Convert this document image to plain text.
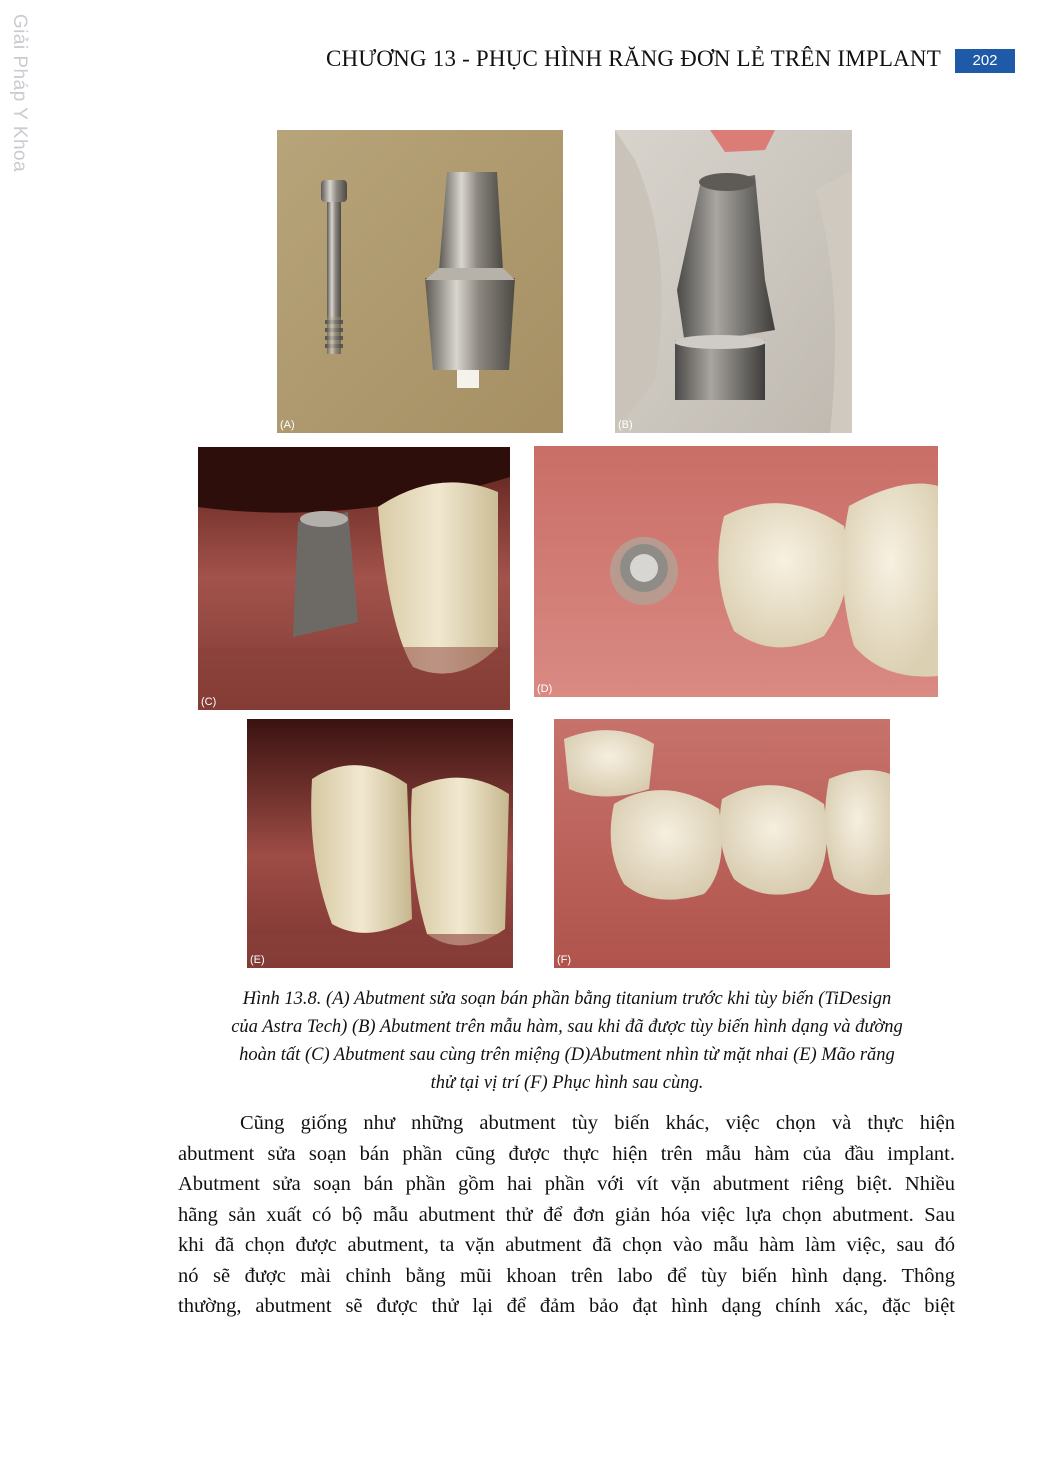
Giải Pháp Y Khoa	CHƯƠNG 13 - PHỤC HÌNH RĂNG ĐƠN LẺ TRÊN IMPLANT	202
(A)	(B)
(C)
(D)
(E)	(F)
Hình 13.8. (A) Abutment sửa soạn bán phần bằng titanium trước khi tùy biến (TiDesign
của Astra Tech) (B) Abutment trên mẫu hàm, sau khi đã được tùy biến hình dạng và đường
hoàn tất (C) Abutment sau cùng trên miệng (D)Abutment nhìn từ mặt nhai (E) Mão răng
thử tại vị trí (F) Phục hình sau cùng.
Cũng giống như những abutment tùy biến khác, việc chọn và thực hiện
abutment sửa soạn bán phần cũng được thực hiện trên mẫu hàm của đầu implant.
Abutment sửa soạn bán phần gồm hai phần với vít vặn abutment riêng biệt. Nhiều
hãng sản xuất có bộ mẫu abutment thử để đơn giản hóa việc lựa chọn abutment. Sau
khi đã chọn được abutment, ta vặn abutment đã chọn vào mẫu hàm làm việc, sau đó
nó sẽ được mài chỉnh bằng mũi khoan trên labo để tùy biến hình dạng. Thông
thường, abutment sẽ được thử lại để đảm bảo đạt hình dạng chính xác, đặc biệt
